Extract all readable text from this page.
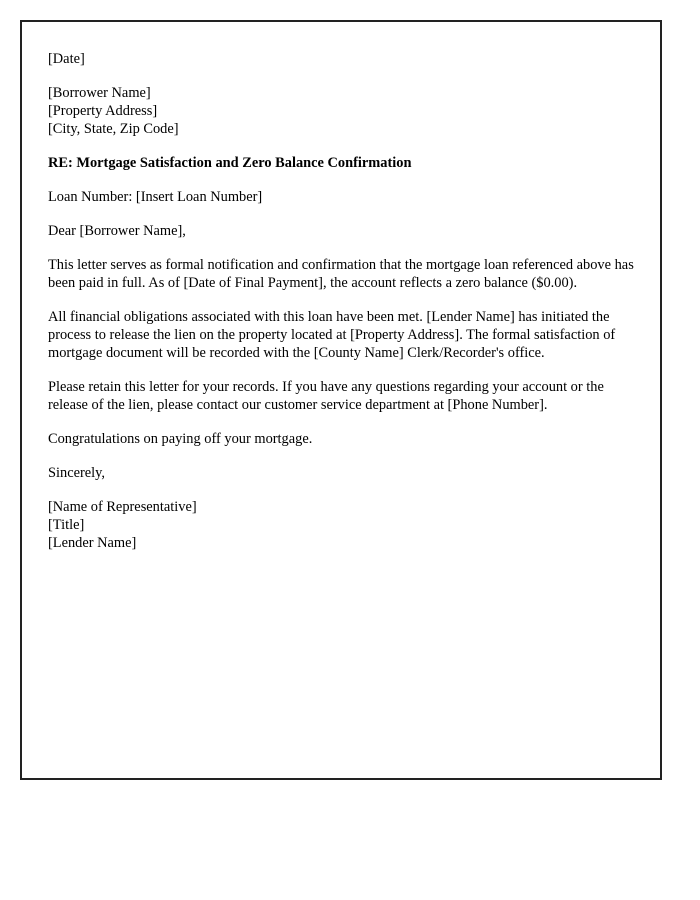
[Date]

[Borrower Name]

[Property Address]

[City, State, Zip Code]

RE: Mortgage Satisfaction and Zero Balance Confirmation

Loan Number: [Insert Loan Number]

Dear [Borrower Name],

This letter serves as formal notification and confirmation that the mortgage loan referenced above has been paid in full. As of [Date of Final Payment], the account reflects a zero balance ($0.00).

All financial obligations associated with this loan have been met. [Lender Name] has initiated the process to release the lien on the property located at [Property Address]. The formal satisfaction of mortgage document will be recorded with the [County Name] Clerk/Recorder's office.

Please retain this letter for your records. If you have any questions regarding your account or the release of the lien, please contact our customer service department at [Phone Number].

Congratulations on paying off your mortgage.

Sincerely,

[Name of Representative]

[Title]

[Lender Name]
